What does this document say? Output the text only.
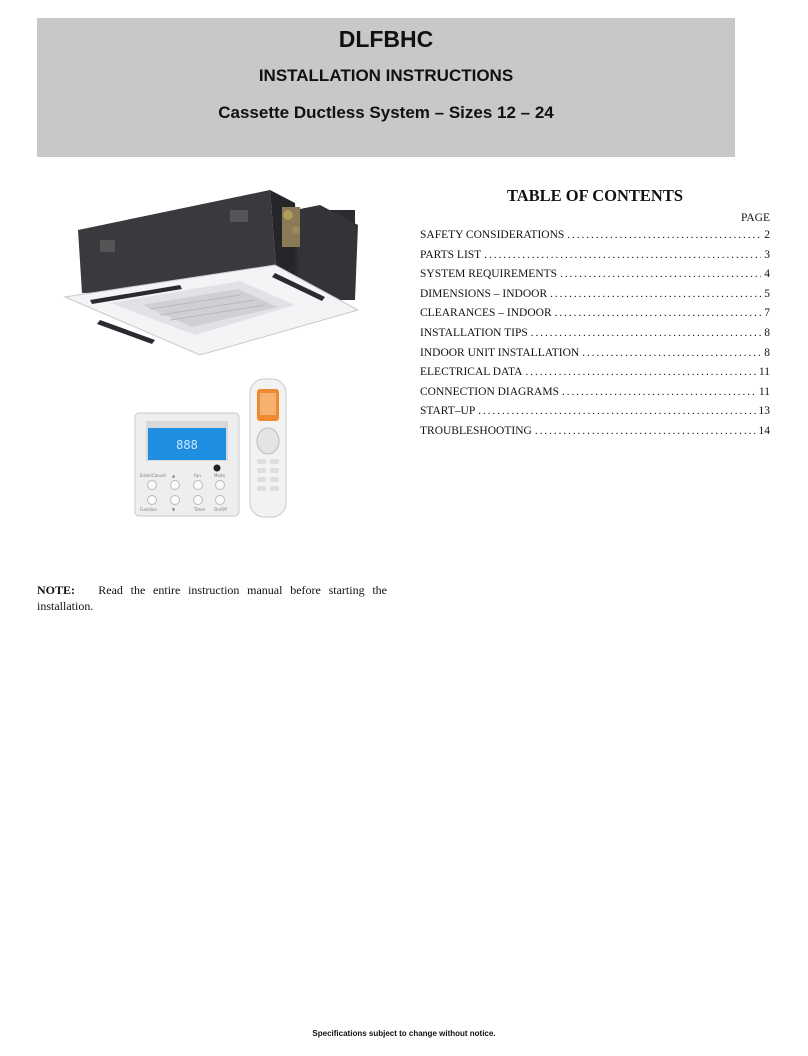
DLFBHC
INSTALLATION INSTRUCTIONS
Cassette Ductless System – Sizes 12 – 24
888
Enter/Cancel ▲	Fan	Mode
Function	▼	Timer On/Off
TABLE OF CONTENTS
PAGE
SAFETY CONSIDERATIONS .....	2
PARTS LIST .....	3
SYSTEM REQUIREMENTS .....	4
DIMENSIONS – INDOOR .....	5
CLEARANCES – INDOOR .....	7
INSTALLATION TIPS .....	8
INDOOR UNIT INSTALLATION .....	8
ELECTRICAL DATA .....	11
CONNECTION DIAGRAMS .....	11
START–UP .....	13
TROUBLESHOOTING .....	14
NOTE: Read the entire instruction manual before starting the installation.
Specifications subject to change without notice.
